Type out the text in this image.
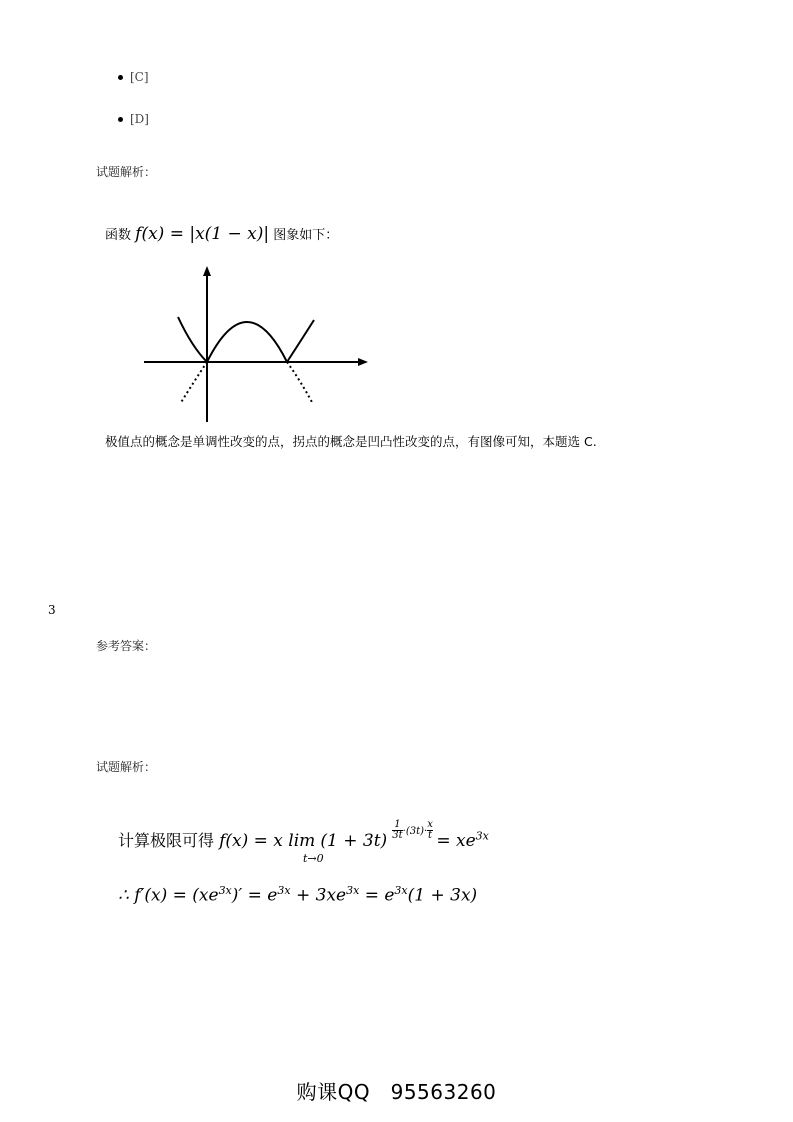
[C]
[D]
试题解析：
函数 f(x) = |x(1 − x)| 图象如下：
极值点的概念是单调性改变的点，拐点的概念是凹凸性改变的点，有图像可知，本题选 C.
3
参考答案：
试题解析：
计算极限可得 f(x) = x lim (1 + 3t) $^{\frac{1}{3t} \cdot(3t)\cdot \frac{x}{t}} = xe^{3x}$
t→0
∴ $f'(x) = (xe^{3x})' = e^{3x} + 3xe^{3x} = e^{3x}(1 + 3x)$
购课QQ　95563260
